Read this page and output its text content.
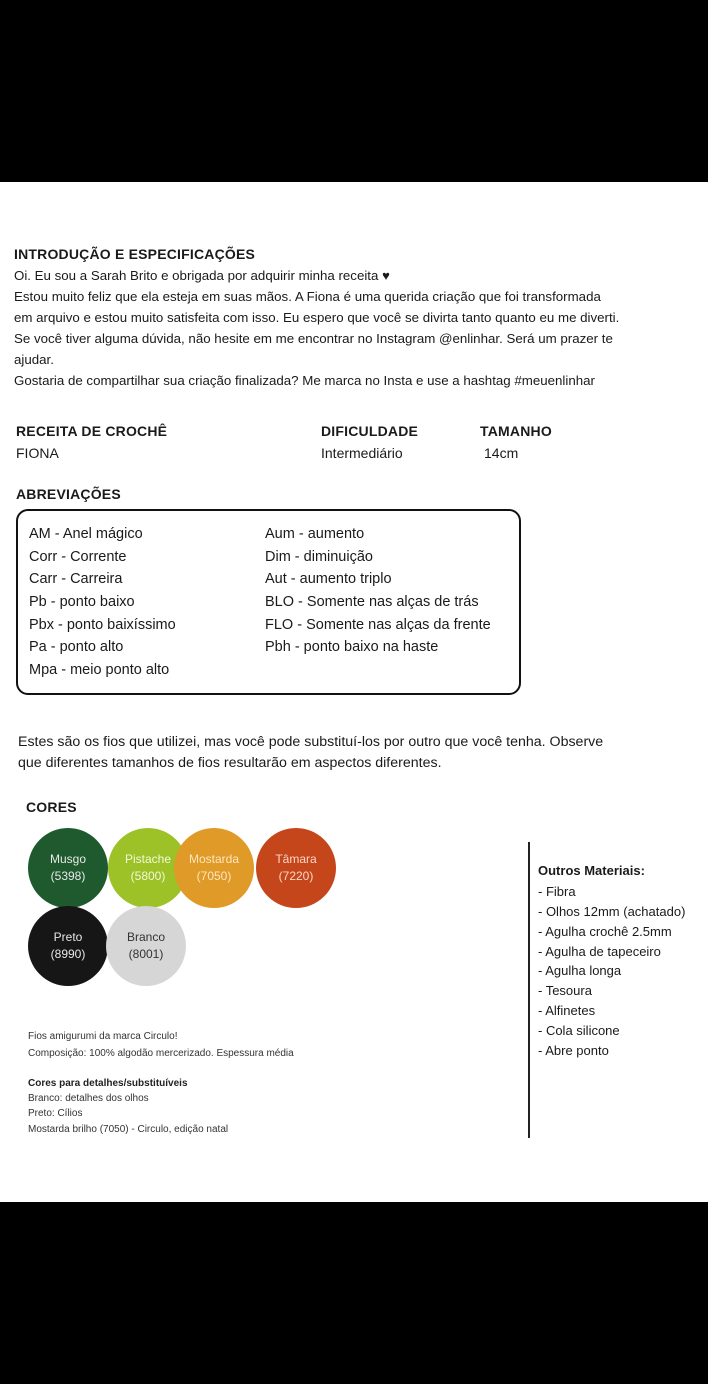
INTRODUÇÃO E ESPECIFICAÇÕES
Oi. Eu sou a Sarah Brito e obrigada por adquirir minha receita ♥
Estou muito feliz que ela esteja em suas mãos. A Fiona é uma querida criação que foi transformada
em arquivo e estou muito satisfeita com isso. Eu espero que você se divirta tanto quanto eu me diverti.
Se você tiver alguma dúvida, não hesite em me encontrar no Instagram @enlinhar. Será um prazer te
ajudar.
Gostaria de compartilhar sua criação finalizada? Me marca no Insta e use a hashtag #meuenlinhar
RECEITA DE CROCHÊ
FIONA
DIFICULDADE
Intermediário
TAMANHO
14cm
ABREVIAÇÕES
AM - Anel mágico
Corr - Corrente
Carr - Carreira
Pb - ponto baixo
Pbx - ponto baixíssimo
Pa - ponto alto
Mpa - meio ponto alto
Aum - aumento
Dim - diminuição
Aut - aumento triplo
BLO - Somente nas alças de trás
FLO - Somente nas alças da frente
Pbh - ponto baixo na haste
Estes são os fios que utilizei, mas você pode substituí-los por outro que você tenha. Observe
que diferentes tamanhos de fios resultarão em aspectos diferentes.
CORES
Musgo
(5398)
Pistache
(5800)
Mostarda
(7050)
Tâmara
(7220)
Preto
(8990)
Branco
(8001)
Outros Materiais:
- Fibra
- Olhos 12mm (achatado)
- Agulha crochê 2.5mm
- Agulha de tapeceiro
- Agulha longa
- Tesoura
- Alfinetes
- Cola silicone
- Abre ponto
Fios amigurumi da marca Circulo!
Composição: 100% algodão mercerizado. Espessura média
Cores para detalhes/substituíveis
Branco: detalhes dos olhos
Preto: Cílios
Mostarda brilho (7050) - Circulo, edição natal
